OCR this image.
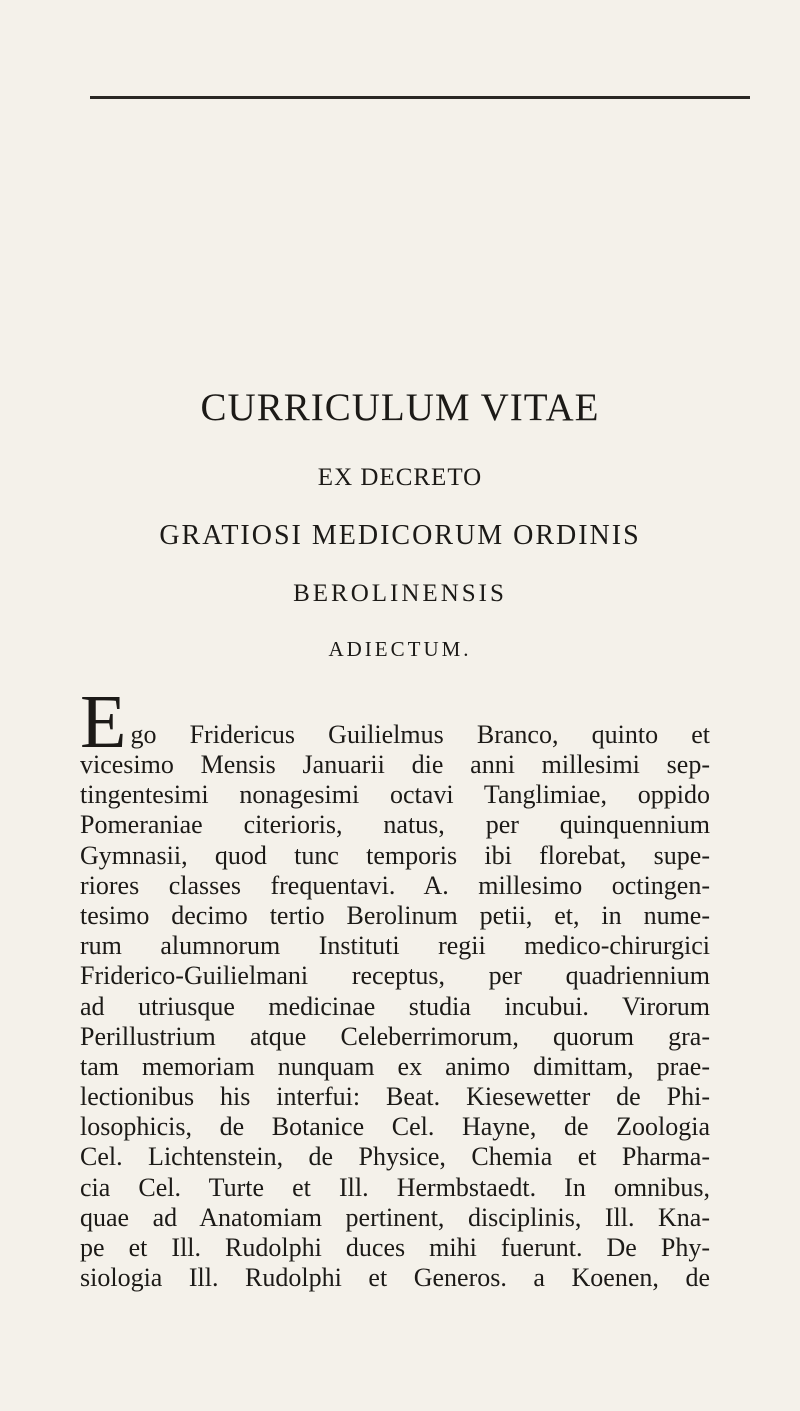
CURRICULUM VITAE
EX DECRETO
GRATIOSI MEDICORUM ORDINIS
BEROLINENSIS
ADIECTUM.
E go Fridericus Guilielmus Branco, quinto et
vicesimo Mensis Januarii die anni millesimi sep-
tingentesimi nonagesimi octavi Tanglimiae, oppido
Pomeraniae citerioris, natus, per quinquennium
Gymnasii, quod tunc temporis ibi florebat, supe-
riores classes frequentavi. A. millesimo octingen-
tesimo decimo tertio Berolinum petii, et, in nume-
rum alumnorum Instituti regii medico-chirurgici
Friderico-Guilielmani receptus, per quadriennium
ad utriusque medicinae studia incubui. Virorum
Perillustrium atque Celeberrimorum, quorum gra-
tam memoriam nunquam ex animo dimittam, prae-
lectionibus his interfui: Beat. Kiesewetter de Phi-
losophicis, de Botanice Cel. Hayne, de Zoologia
Cel. Lichtenstein, de Physice, Chemia et Pharma-
cia Cel. Turte et Ill. Hermbstaedt. In omnibus,
quae ad Anatomiam pertinent, disciplinis, Ill. Kna-
pe et Ill. Rudolphi duces mihi fuerunt. De Phy-
siologia Ill. Rudolphi et Generos. a Koenen, de
